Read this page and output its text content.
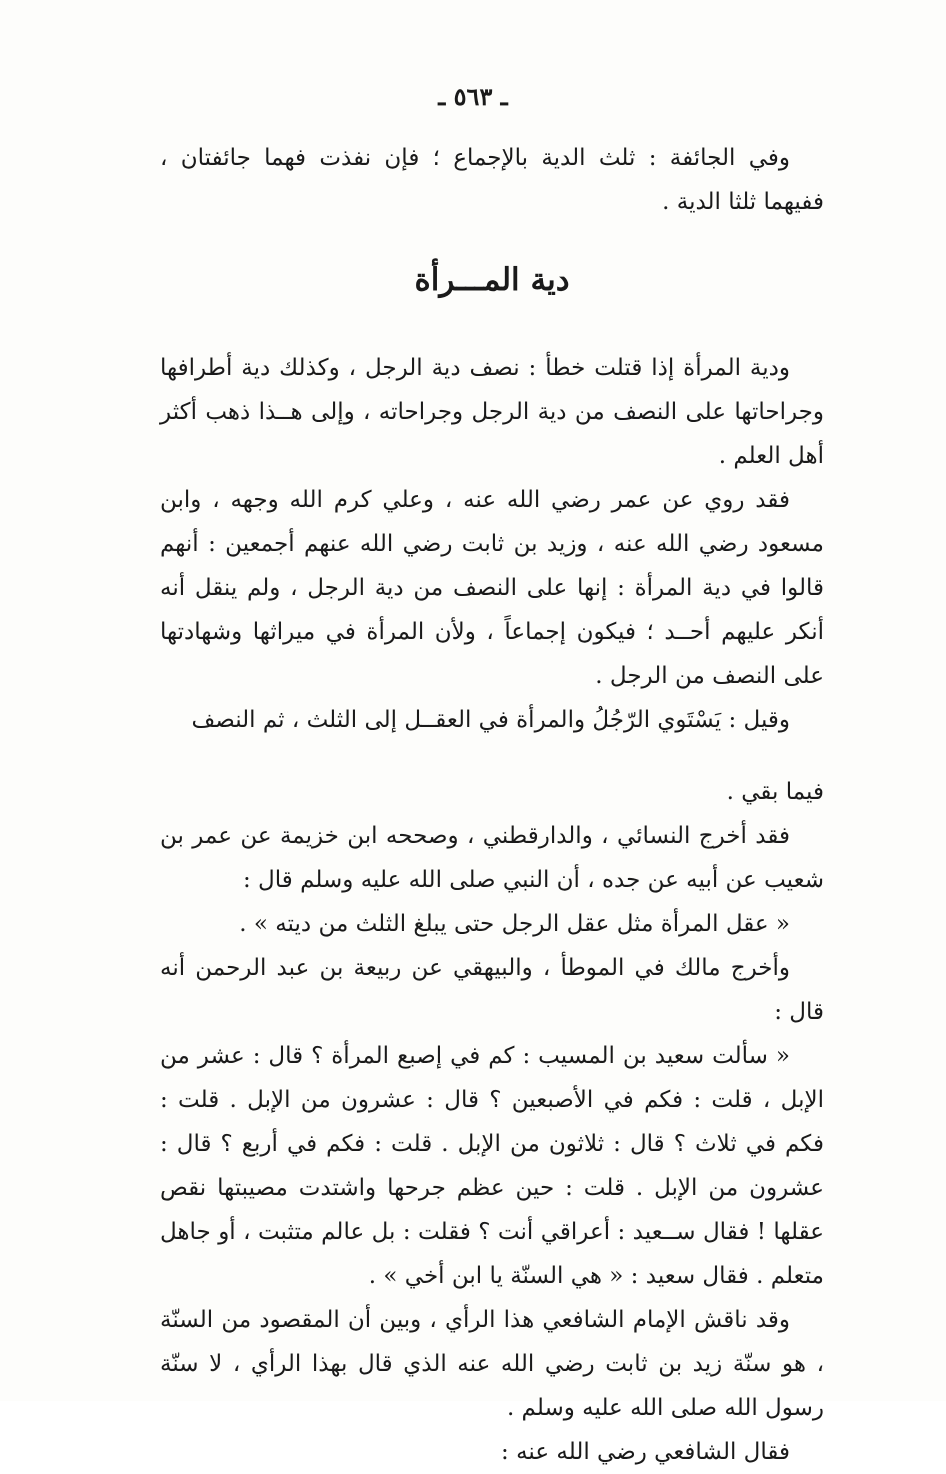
ـ ٥٦٣ ـ

وفي الجائفة : ثلث الدية بالإجماع ؛ فإن نفذت فهما جائفتان ، ففيهما ثلثا الدية .

دية المـــرأة

ودية المرأة إذا قتلت خطأ : نصف دية الرجل ، وكذلك دية أطرافها وجراحاتها على النصف من دية الرجل وجراحاته ، وإلى هــذا ذهب أكثر أهل العلم .

فقد روي عن عمر رضي الله عنه ، وعلي كرم الله وجهه ، وابن مسعود رضي الله عنه ، وزيد بن ثابت رضي الله عنهم أجمعين : أنهم قالوا في دية المرأة : إنها على النصف من دية الرجل ، ولم ينقل أنه أنكر عليهم أحــد ؛ فيكون إجماعاً ، ولأن المرأة في ميراثها وشهادتها على النصف من الرجل .

وقيل : يَسْتَوي الرّجُلُ والمرأة في العقــل إلى الثلث ، ثم النصف

فيما بقي .

فقد أخرج النسائي ، والدارقطني ، وصححه ابن خزيمة عن عمر بن شعيب عن أبيه عن جده ، أن النبي صلى الله عليه وسلم قال :

« عقل المرأة مثل عقل الرجل حتى يبلغ الثلث من ديته » .

وأخرج مالك في الموطأ ، والبيهقي عن ربيعة بن عبد الرحمن أنه قال :

« سألت سعيد بن المسيب : كم في إصبع المرأة ؟ قال : عشر من الإبل ، قلت : فكم في الأصبعين ؟ قال : عشرون من الإبل . قلت : فكم في ثلاث ؟ قال : ثلاثون من الإبل . قلت : فكم في أربع ؟ قال : عشرون من الإبل . قلت : حين عظم جرحها واشتدت مصيبتها نقص عقلها ! فقال ســعيد : أعراقي أنت ؟ فقلت : بل عالم متثبت ، أو جاهل متعلم . فقال سعيد : « هي السنّة يا ابن أخي » .

وقد ناقش الإمام الشافعي هذا الرأي ، وبين أن المقصود من السنّة ، هو سنّة زيد بن ثابت رضي الله عنه الذي قال بهذا الرأي ، لا سنّة رسول الله صلى الله عليه وسلم .

فقال الشافعي رضي الله عنه :
